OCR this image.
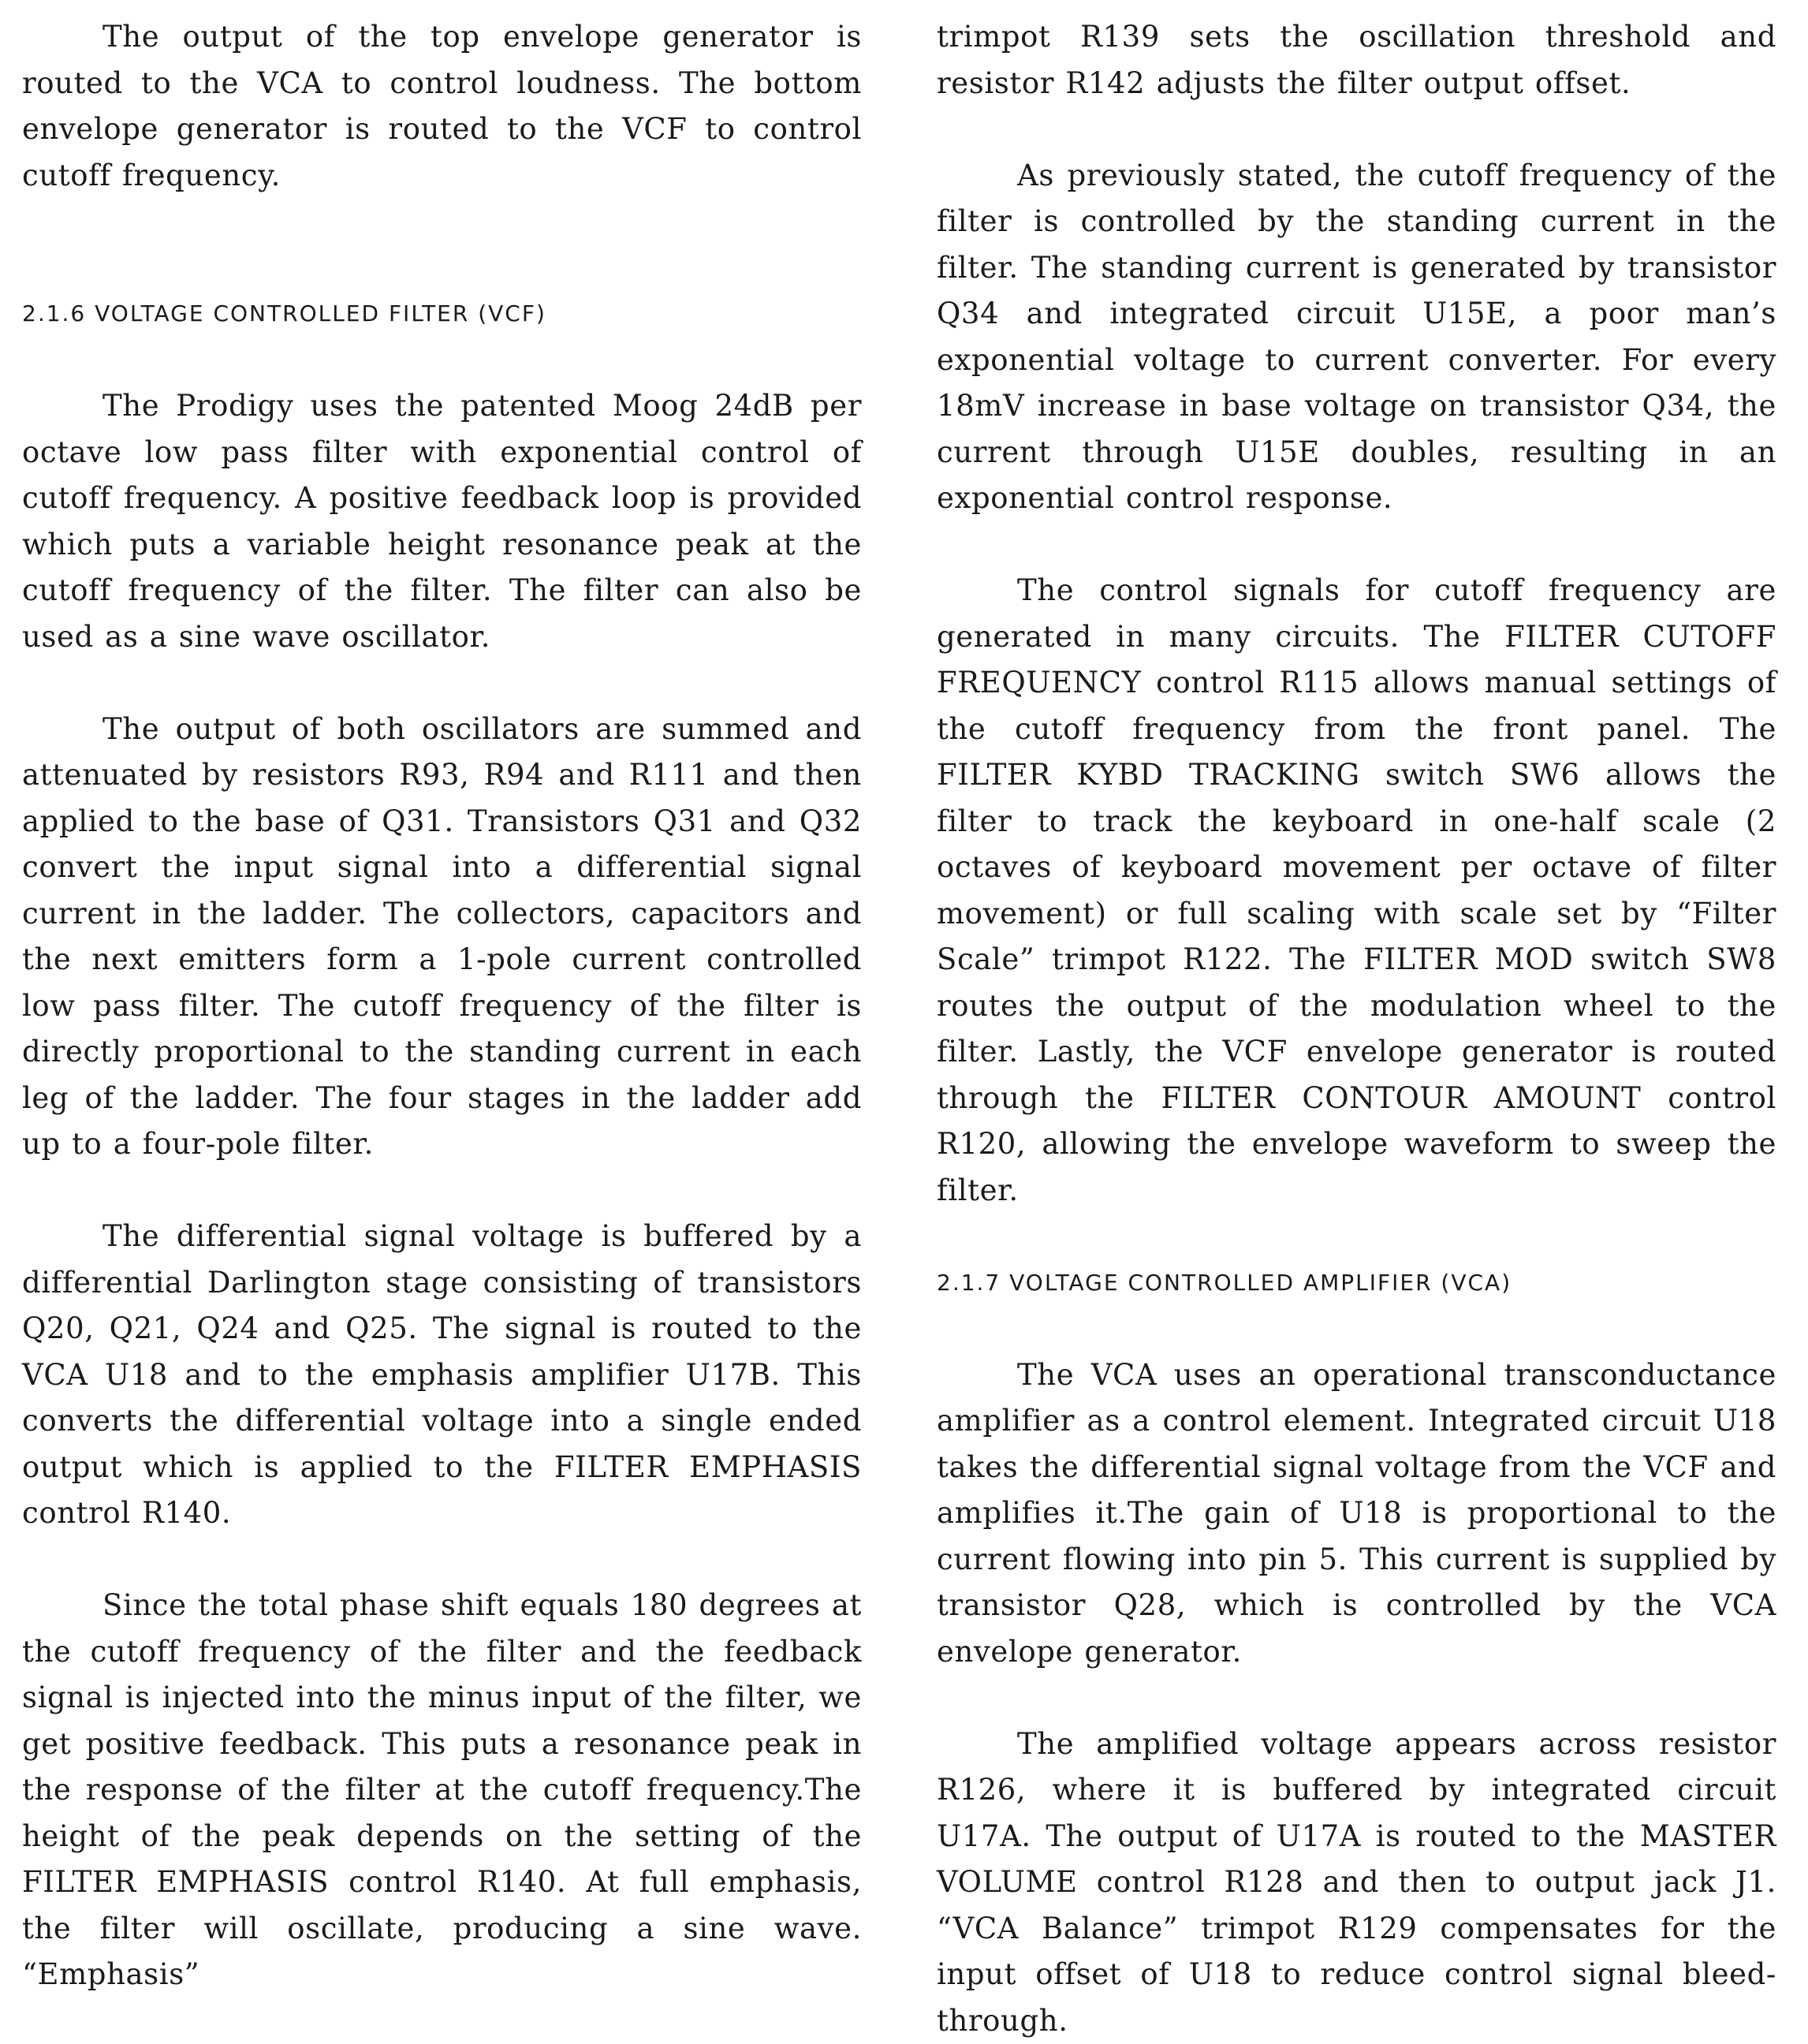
The output of the top envelope generator is routed to the VCA to control loudness. The bottom envelope generator is routed to the VCF to control cutoff frequency.

2.1.6 VOLTAGE CONTROLLED FILTER (VCF)

The Prodigy uses the patented Moog 24dB per octave low pass filter with exponential control of cutoff frequency. A positive feedback loop is provided which puts a variable height resonance peak at the cutoff frequency of the filter. The filter can also be used as a sine wave oscillator.

The output of both oscillators are summed and attenuated by resistors R93, R94 and R111 and then applied to the base of Q31. Transistors Q31 and Q32 convert the input signal into a differential signal current in the ladder. The collectors, capacitors and the next emitters form a 1-pole current controlled low pass filter. The cutoff frequency of the filter is directly proportional to the standing current in each leg of the ladder. The four stages in the ladder add up to a four-pole filter.

The differential signal voltage is buffered by a differential Darlington stage consisting of transistors Q20, Q21, Q24 and Q25. The signal is routed to the VCA U18 and to the emphasis amplifier U17B. This converts the differential voltage into a single ended output which is applied to the FILTER EMPHASIS control R140.

Since the total phase shift equals 180 degrees at the cutoff frequency of the filter and the feedback signal is injected into the minus input of the filter, we get positive feedback. This puts a resonance peak in the response of the filter at the cutoff frequency.The height of the peak depends on the setting of the FILTER EMPHASIS control R140. At full emphasis, the filter will oscillate, producing a sine wave. “Emphasis”

trimpot R139 sets the oscillation threshold and resistor R142 adjusts the filter output offset.

As previously stated, the cutoff frequency of the filter is controlled by the standing current in the filter. The standing current is generated by transistor Q34 and integrated circuit U15E, a poor man’s exponential voltage to current converter. For every 18mV increase in base voltage on transistor Q34, the current through U15E doubles, resulting in an exponential control response.

The control signals for cutoff frequency are generated in many circuits. The FILTER CUTOFF FREQUENCY control R115 allows manual settings of the cutoff frequency from the front panel. The FILTER KYBD TRACKING switch SW6 allows the filter to track the keyboard in one-half scale (2 octaves of keyboard movement per octave of filter movement) or full scaling with scale set by “Filter Scale” trimpot R122. The FILTER MOD switch SW8 routes the output of the modulation wheel to the filter. Lastly, the VCF envelope generator is routed through the FILTER CONTOUR AMOUNT control R120, allowing the envelope waveform to sweep the filter.

2.1.7 VOLTAGE CONTROLLED AMPLIFIER (VCA)

The VCA uses an operational transconductance amplifier as a control element. Integrated circuit U18 takes the differential signal voltage from the VCF and amplifies it.The gain of U18 is proportional to the current flowing into pin 5. This current is supplied by transistor Q28, which is controlled by the VCA envelope generator.

The amplified voltage appears across resistor R126, where it is buffered by integrated circuit U17A. The output of U17A is routed to the MASTER VOLUME control R128 and then to output jack J1. “VCA Balance” trimpot R129 compensates for the input offset of U18 to reduce control signal bleed-through.
